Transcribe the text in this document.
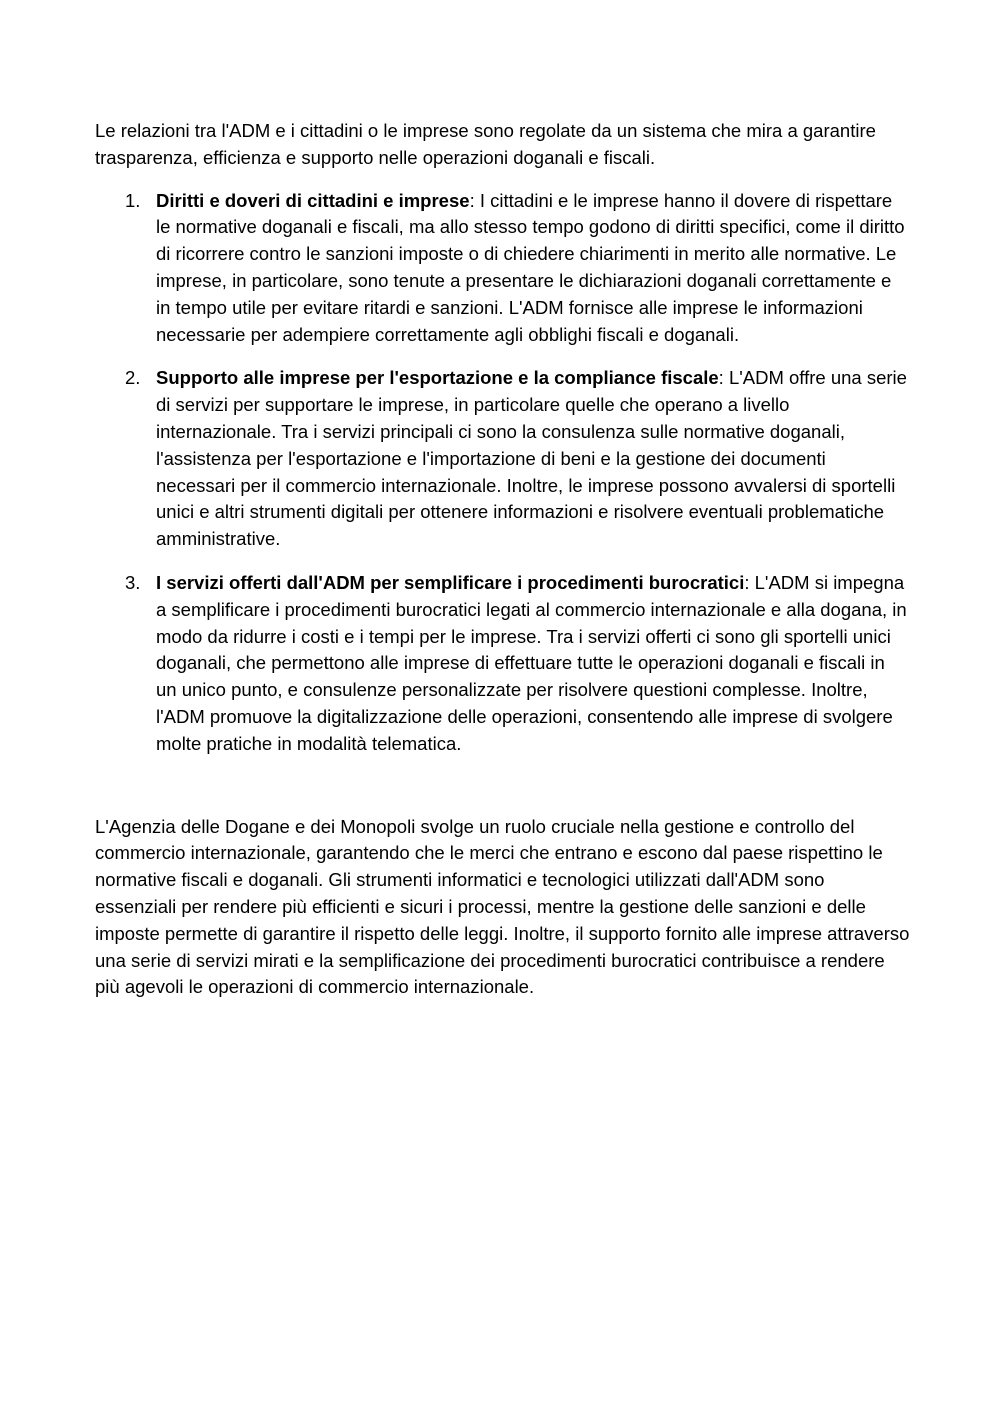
Le relazioni tra l'ADM e i cittadini o le imprese sono regolate da un sistema che mira a garantire trasparenza, efficienza e supporto nelle operazioni doganali e fiscali.

1. Diritti e doveri di cittadini e imprese: I cittadini e le imprese hanno il dovere di rispettare le normative doganali e fiscali, ma allo stesso tempo godono di diritti specifici, come il diritto di ricorrere contro le sanzioni imposte o di chiedere chiarimenti in merito alle normative. Le imprese, in particolare, sono tenute a presentare le dichiarazioni doganali correttamente e in tempo utile per evitare ritardi e sanzioni. L'ADM fornisce alle imprese le informazioni necessarie per adempiere correttamente agli obblighi fiscali e doganali.
2. Supporto alle imprese per l'esportazione e la compliance fiscale: L'ADM offre una serie di servizi per supportare le imprese, in particolare quelle che operano a livello internazionale. Tra i servizi principali ci sono la consulenza sulle normative doganali, l'assistenza per l'esportazione e l'importazione di beni e la gestione dei documenti necessari per il commercio internazionale. Inoltre, le imprese possono avvalersi di sportelli unici e altri strumenti digitali per ottenere informazioni e risolvere eventuali problematiche amministrative.
3. I servizi offerti dall'ADM per semplificare i procedimenti burocratici: L'ADM si impegna a semplificare i procedimenti burocratici legati al commercio internazionale e alla dogana, in modo da ridurre i costi e i tempi per le imprese. Tra i servizi offerti ci sono gli sportelli unici doganali, che permettono alle imprese di effettuare tutte le operazioni doganali e fiscali in un unico punto, e consulenze personalizzate per risolvere questioni complesse. Inoltre, l'ADM promuove la digitalizzazione delle operazioni, consentendo alle imprese di svolgere molte pratiche in modalità telematica.

L'Agenzia delle Dogane e dei Monopoli svolge un ruolo cruciale nella gestione e controllo del commercio internazionale, garantendo che le merci che entrano e escono dal paese rispettino le normative fiscali e doganali. Gli strumenti informatici e tecnologici utilizzati dall'ADM sono essenziali per rendere più efficienti e sicuri i processi, mentre la gestione delle sanzioni e delle imposte permette di garantire il rispetto delle leggi. Inoltre, il supporto fornito alle imprese attraverso una serie di servizi mirati e la semplificazione dei procedimenti burocratici contribuisce a rendere più agevoli le operazioni di commercio internazionale.
